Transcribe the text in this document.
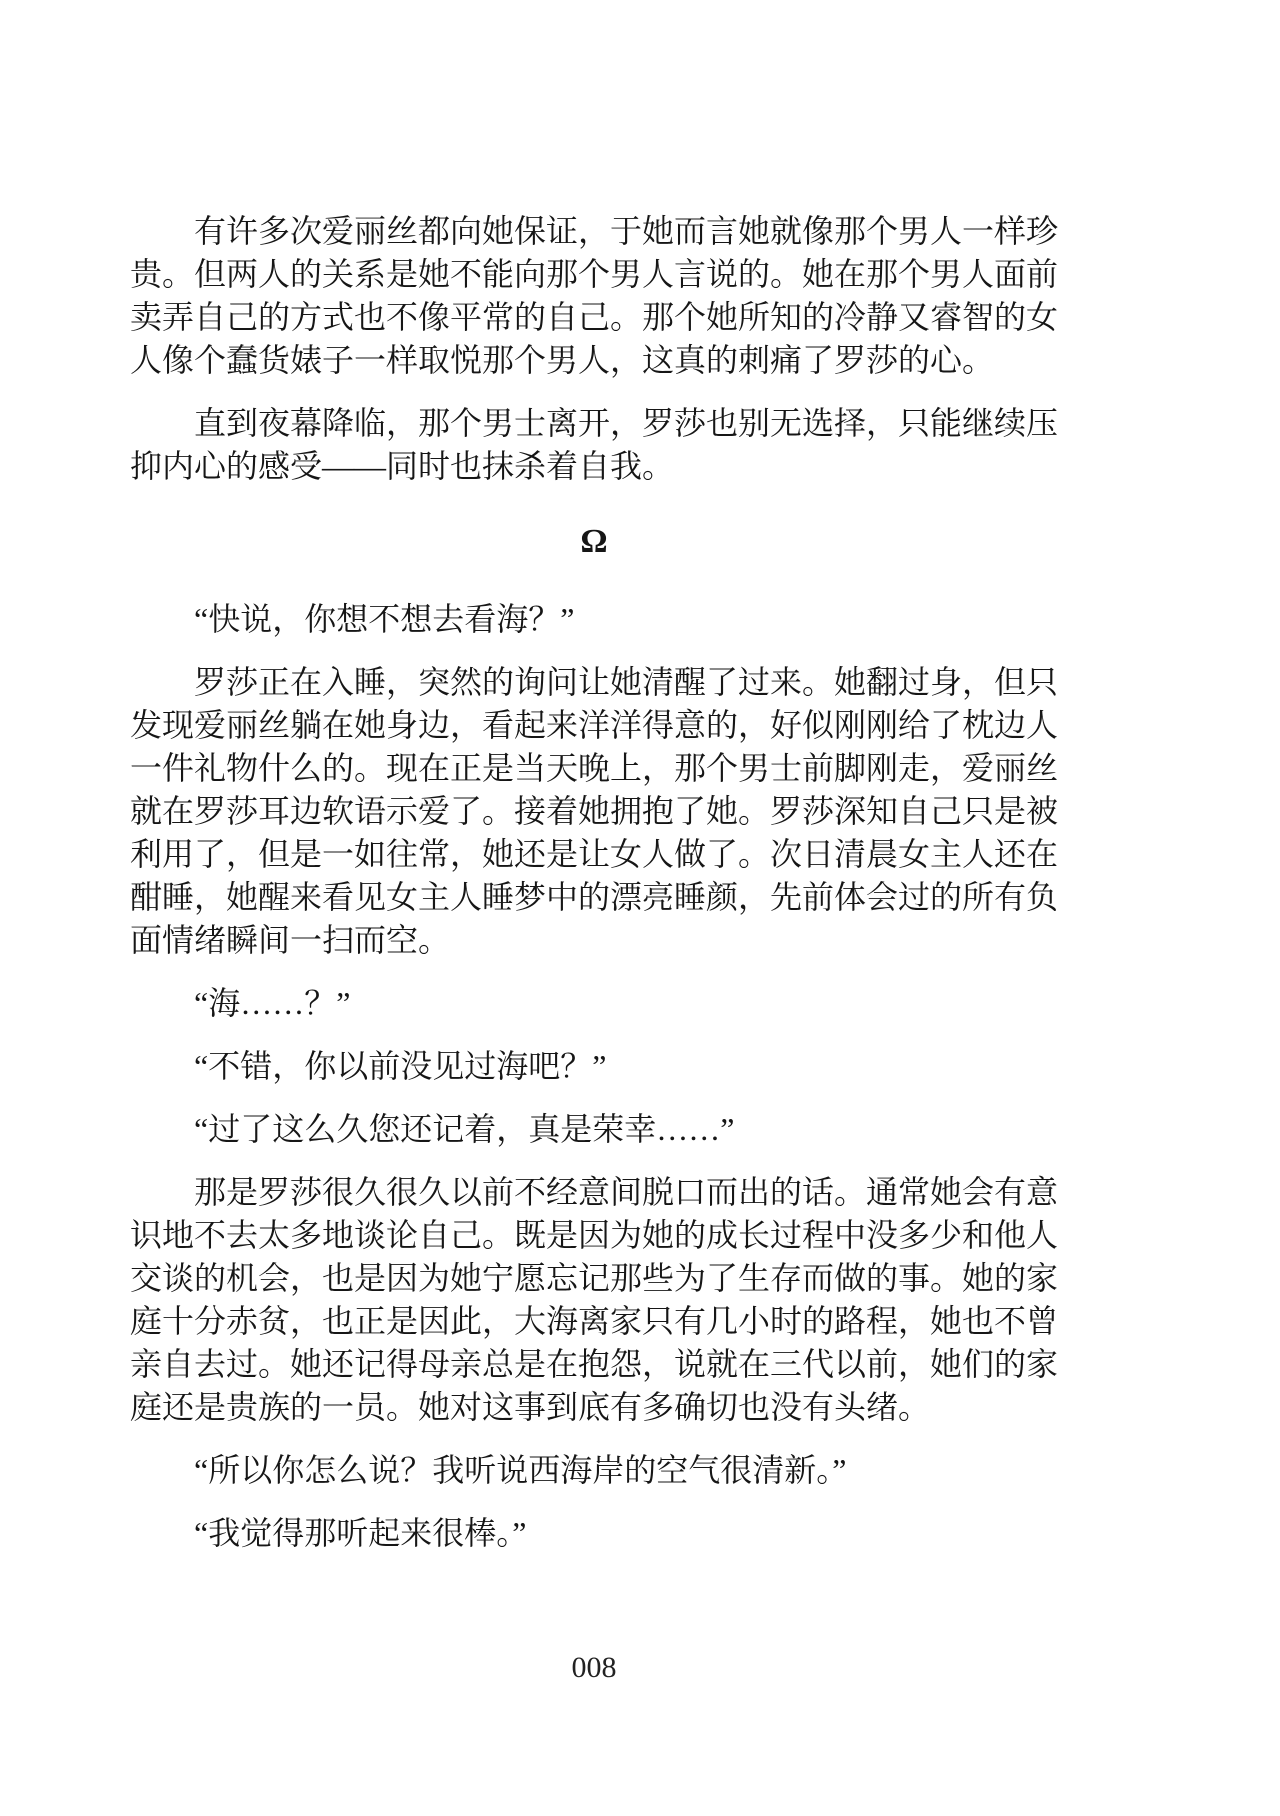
有许多次爱丽丝都向她保证，于她而言她就像那个男人一样珍贵。但两人的关系是她不能向那个男人言说的。她在那个男人面前卖弄自己的方式也不像平常的自己。那个她所知的冷静又睿智的女人像个蠢货婊子一样取悦那个男人，这真的刺痛了罗莎的心。

直到夜幕降临，那个男士离开，罗莎也别无选择，只能继续压抑内心的感受——同时也抹杀着自我。

Ω

“快说，你想不想去看海？”

罗莎正在入睡，突然的询问让她清醒了过来。她翻过身，但只发现爱丽丝躺在她身边，看起来洋洋得意的，好似刚刚给了枕边人一件礼物什么的。现在正是当天晚上，那个男士前脚刚走，爱丽丝就在罗莎耳边软语示爱了。接着她拥抱了她。罗莎深知自己只是被利用了，但是一如往常，她还是让女人做了。次日清晨女主人还在酣睡，她醒来看见女主人睡梦中的漂亮睡颜，先前体会过的所有负面情绪瞬间一扫而空。

“海……？”

“不错，你以前没见过海吧？”

“过了这么久您还记着，真是荣幸……”

那是罗莎很久很久以前不经意间脱口而出的话。通常她会有意识地不去太多地谈论自己。既是因为她的成长过程中没多少和他人交谈的机会，也是因为她宁愿忘记那些为了生存而做的事。她的家庭十分赤贫，也正是因此，大海离家只有几小时的路程，她也不曾亲自去过。她还记得母亲总是在抱怨，说就在三代以前，她们的家庭还是贵族的一员。她对这事到底有多确切也没有头绪。

“所以你怎么说？我听说西海岸的空气很清新。”

“我觉得那听起来很棒。”

008
